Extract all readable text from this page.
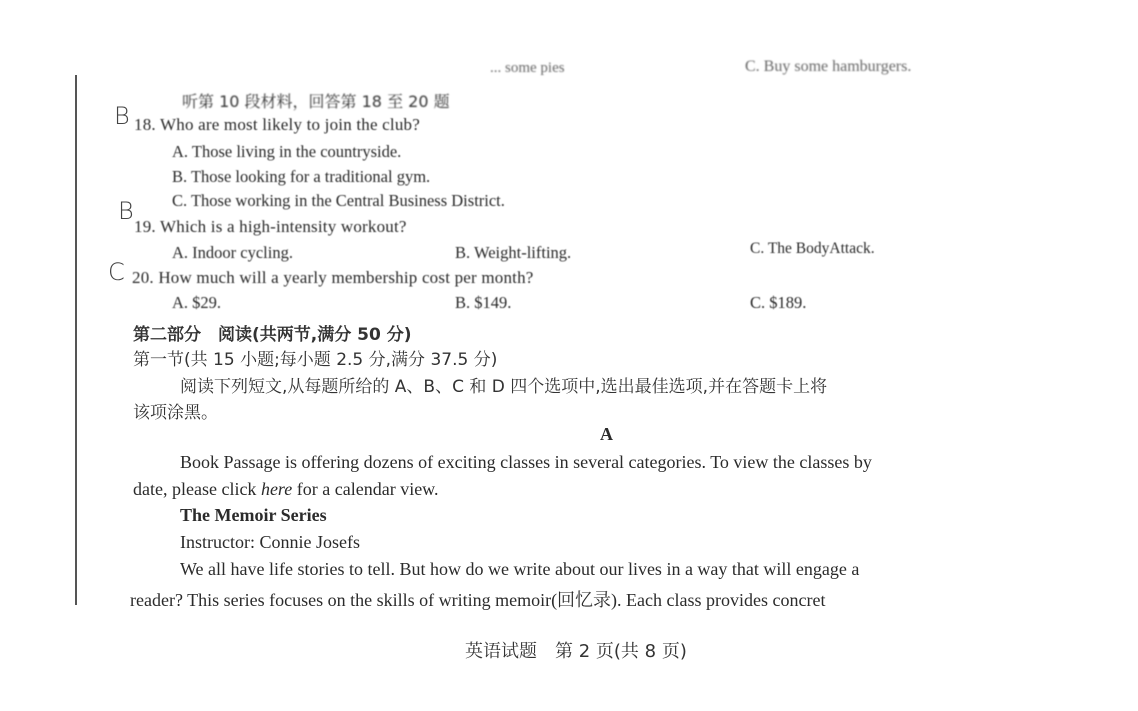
... some pies	C. Buy some hamburgers.
听第 10 段材料，回答第 18 至 20 题
B 18. Who are most likely to join the club?
A. Those living in the countryside.
B. Those looking for a traditional gym.
C. Those working in the Central Business District.
B
19. Which is a high-intensity workout?
A. Indoor cycling.	B. Weight-lifting.	C. The BodyAttack.
C 20. How much will a yearly membership cost per month?
A. $29.	B. $149.	C. $189.
第二部分　阅读(共两节,满分 50 分)
第一节(共 15 小题;每小题 2.5 分,满分 37.5 分)
阅读下列短文,从每题所给的 A、B、C 和 D 四个选项中,选出最佳选项,并在答题卡上将
该项涂黑。
A
Book Passage is offering dozens of exciting classes in several categories. To view the classes by
date, please click here for a calendar view.
The Memoir Series
Instructor: Connie Josefs
We all have life stories to tell. But how do we write about our lives in a way that will engage a
reader? This series focuses on the skills of writing memoir(回忆录). Each class provides concret
英语试题　第 2 页(共 8 页)
